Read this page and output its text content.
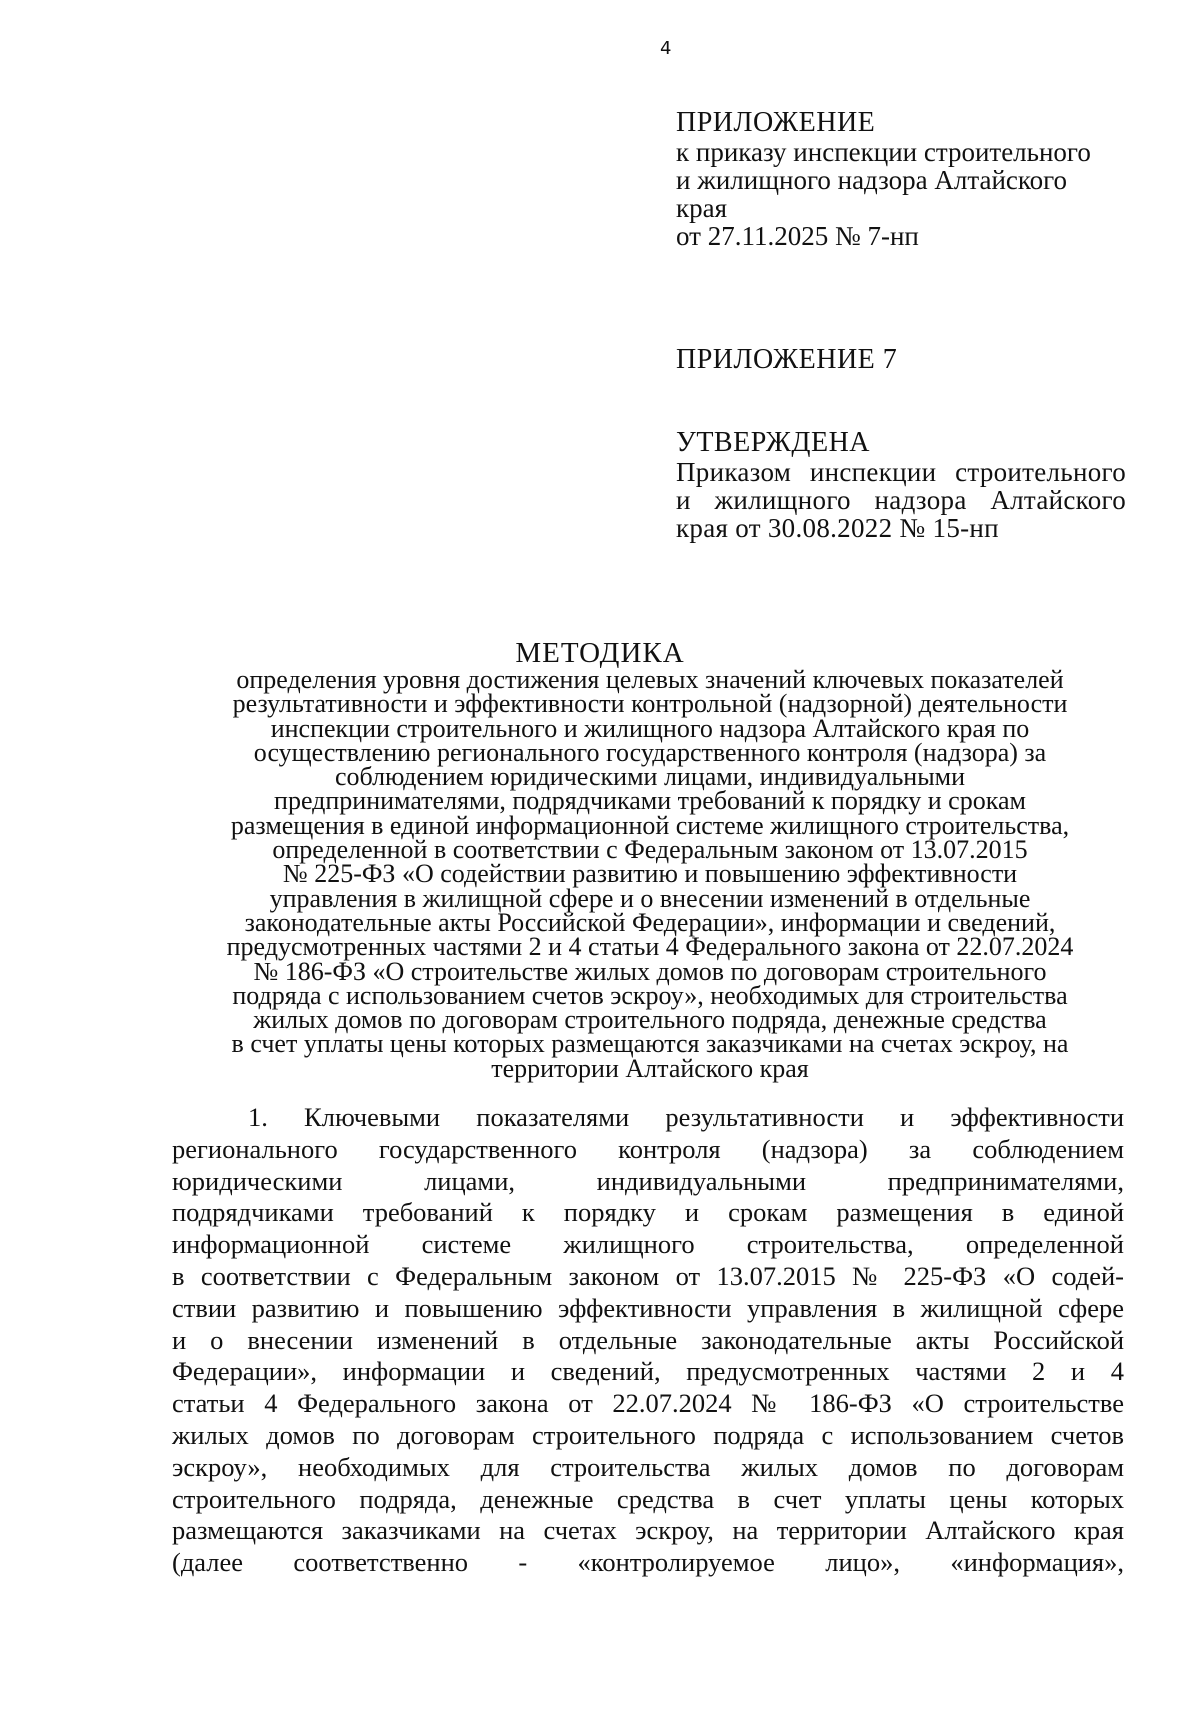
4
ПРИЛОЖЕНИЕ
к приказу инспекции строительного
и жилищного надзора Алтайского
края
от 27.11.2025 № 7-нп
ПРИЛОЖЕНИЕ 7
УТВЕРЖДЕНА
Приказом инспекции строительного
и жилищного надзора Алтайского
края от 30.08.2022 № 15-нп
МЕТОДИКА
определения уровня достижения целевых значений ключевых показателей
результативности и эффективности контрольной (надзорной) деятельности
инспекции строительного и жилищного надзора Алтайского края по
осуществлению регионального государственного контроля (надзора) за
соблюдением юридическими лицами, индивидуальными
предпринимателями, подрядчиками требований к порядку и срокам
размещения в единой информационной системе жилищного строительства,
определенной в соответствии с Федеральным законом от 13.07.2015
№ 225-ФЗ «О содействии развитию и повышению эффективности
управления в жилищной сфере и о внесении изменений в отдельные
законодательные акты Российской Федерации», информации и сведений,
предусмотренных частями 2 и 4 статьи 4 Федерального закона от 22.07.2024
№ 186-ФЗ «О строительстве жилых домов по договорам строительного
подряда с использованием счетов эскроу», необходимых для строительства
жилых домов по договорам строительного подряда, денежные средства
в счет уплаты цены которых размещаются заказчиками на счетах эскроу, на
территории Алтайского края
1. Ключевыми показателями результативности и эффективности
регионального государственного контроля (надзора) за соблюдением
юридическими лицами, индивидуальными предпринимателями,
подрядчиками требований к порядку и срокам размещения в единой
информационной системе жилищного строительства, определенной
в соответствии с Федеральным законом от 13.07.2015 № 225-ФЗ «О содей-
ствии развитию и повышению эффективности управления в жилищной сфере
и о внесении изменений в отдельные законодательные акты Российской
Федерации», информации и сведений, предусмотренных частями 2 и 4
статьи 4 Федерального закона от 22.07.2024 № 186-ФЗ «О строительстве
жилых домов по договорам строительного подряда с использованием счетов
эскроу», необходимых для строительства жилых домов по договорам
строительного подряда, денежные средства в счет уплаты цены которых
размещаются заказчиками на счетах эскроу, на территории Алтайского края
(далее соответственно - «контролируемое лицо», «информация»,
